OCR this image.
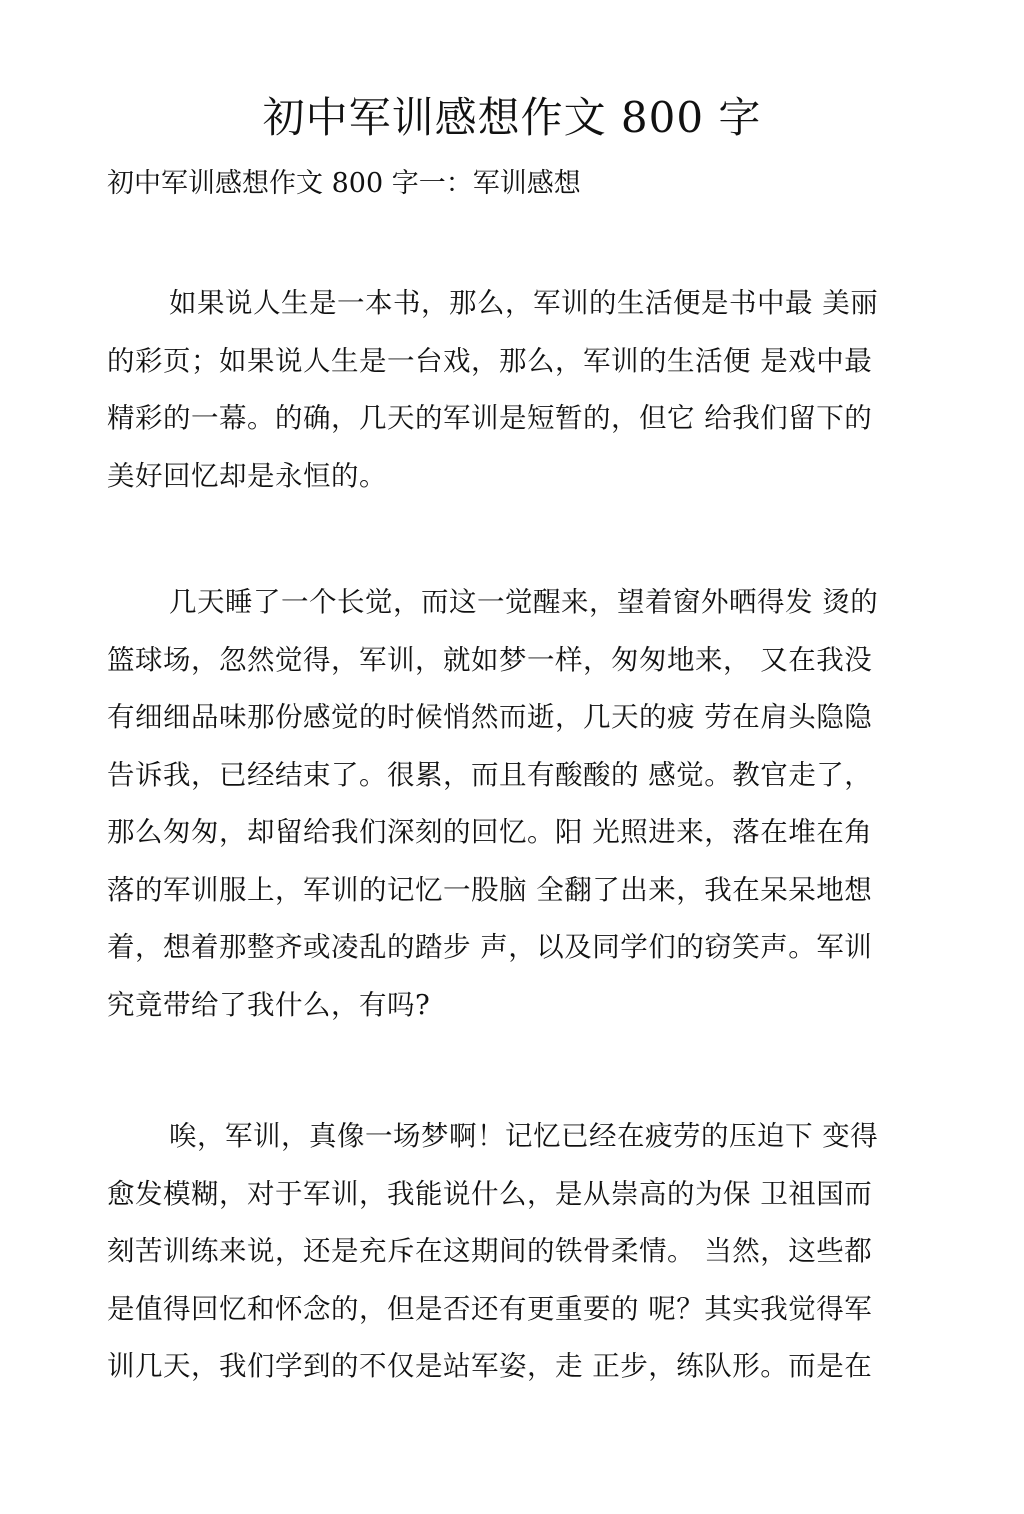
初中军训感想作文 800 字

初中军训感想作文 800 字一：军训感想

如果说人生是一本书，那么，军训的生活便是书中最 美丽
的彩页；如果说人生是一台戏，那么，军训的生活便 是戏中最
精彩的一幕。的确，几天的军训是短暂的，但它 给我们留下的
美好回忆却是永恒的。
几天睡了一个长觉，而这一觉醒来，望着窗外晒得发 烫的
篮球场，忽然觉得，军训，就如梦一样，匆匆地来， 又在我没
有细细品味那份感觉的时候悄然而逝，几天的疲 劳在肩头隐隐
告诉我，已经结束了。很累，而且有酸酸的 感觉。教官走了，
那么匆匆，却留给我们深刻的回忆。阳 光照进来，落在堆在角
落的军训服上，军训的记忆一股脑 全翻了出来，我在呆呆地想
着，想着那整齐或凌乱的踏步 声，以及同学们的窃笑声。军训
究竟带给了我什么，有吗?
唉，军训，真像一场梦啊！记忆已经在疲劳的压迫下 变得
愈发模糊，对于军训，我能说什么，是从崇高的为保 卫祖国而
刻苦训练来说，还是充斥在这期间的铁骨柔情。 当然，这些都
是值得回忆和怀念的，但是否还有更重要的 呢？其实我觉得军
训几天，我们学到的不仅是站军姿，走 正步，练队形。而是在
